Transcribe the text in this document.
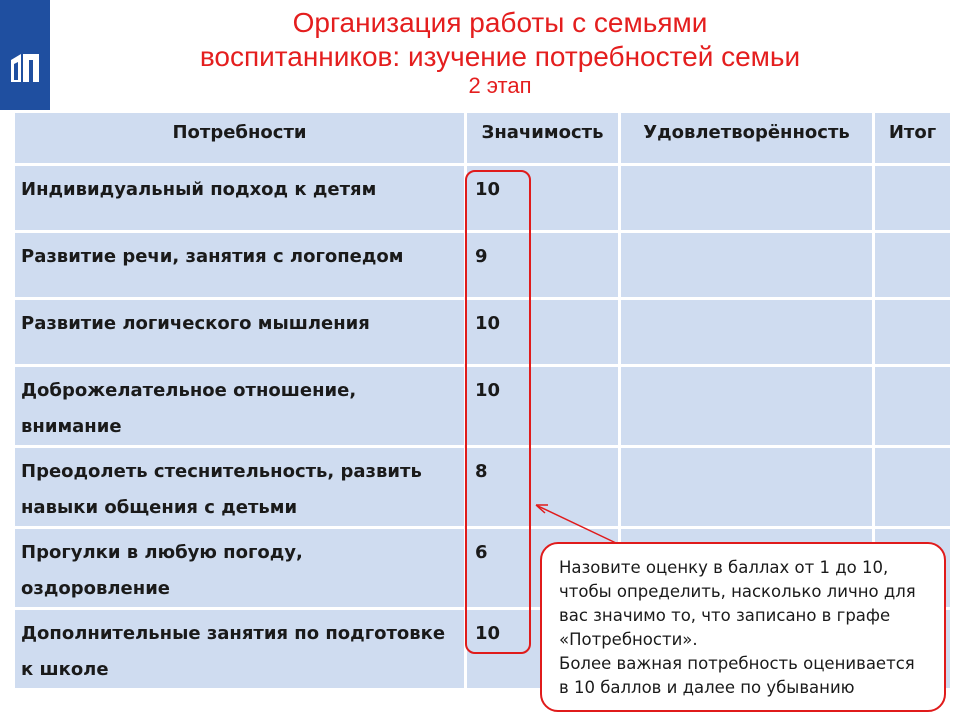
Организация работы с семьями
воспитанников: изучение потребностей семьи
2 этап
Потребности	Значимость	Удовлетворённость	Итог
Индивидуальный подход к детям	10		
Развитие речи, занятия с логопедом	9		
Развитие логического мышления	10		
Доброжелательное отношение, внимание	10		
Преодолеть стеснительность, развить навыки общения с детьми	8		
Прогулки в любую погоду, оздоровление	6		
Дополнительные занятия по подготовке к школе	10		
Назовите оценку в баллах от 1 до 10,
чтобы определить, насколько лично для
вас значимо то, что записано в графе
«Потребности».
Более важная потребность оценивается
в 10 баллов и далее по убыванию
